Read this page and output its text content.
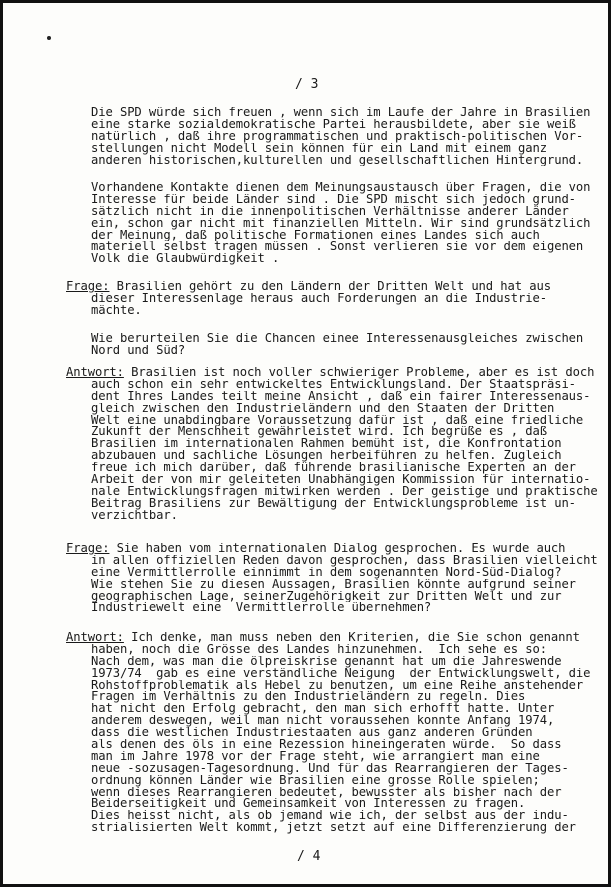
/ 3
Die SPD würde sich freuen , wenn sich im Laufe der Jahre in Brasilien
eine starke sozialdemokratische Partei herausbildete, aber sie weiß
natürlich , daß ihre programmatischen und praktisch-politischen Vor-
stellungen nicht Modell sein können für ein Land mit einem ganz
anderen historischen,kulturellen und gesellschaftlichen Hintergrund.
Vorhandene Kontakte dienen dem Meinungsaustausch über Fragen, die von
Interesse für beide Länder sind . Die SPD mischt sich jedoch grund-
sätzlich nicht in die innenpolitischen Verhältnisse anderer Länder
ein, schon gar nicht mit finanziellen Mitteln. Wir sind grundsätzlich
der Meinung, daß politische Formationen eines Landes sich auch
materiell selbst tragen müssen . Sonst verlieren sie vor dem eigenen
Volk die Glaubwürdigkeit .
Frage: Brasilien gehört zu den Ländern der Dritten Welt und hat aus
dieser Interessenlage heraus auch Forderungen an die Industrie-
mächte.
Wie berurteilen Sie die Chancen einee Interessenausgleiches zwischen
Nord und Süd?
Antwort: Brasilien ist noch voller schwieriger Probleme, aber es ist doch
auch schon ein sehr entwickeltes Entwicklungsland. Der Staatspräsi-
dent Ihres Landes teilt meine Ansicht , daß ein fairer Interessenaus-
gleich zwischen den Industrieländern und den Staaten der Dritten
Welt eine unabdingbare Voraussetzung dafür ist , daß eine friedliche
Zukunft der Menschheit gewährleistet wird. Ich begrüße es , daß
Brasilien im internationalen Rahmen bemüht ist, die Konfrontation
abzubauen und sachliche Lösungen herbeiführen zu helfen. Zugleich
freue ich mich darüber, daß führende brasilianische Experten an der
Arbeit der von mir geleiteten Unabhängigen Kommission für internatio-
nale Entwicklungsfragen mitwirken werden . Der geistige und praktische
Beitrag Brasiliens zur Bewältigung der Entwicklungsprobleme ist un-
verzichtbar.
Frage: Sie haben vom internationalen Dialog gesprochen. Es wurde auch
in allen offiziellen Reden davon gesprochen, dass Brasilien vielleicht
eine Vermittlerrolle einnimmt in dem sogenannten Nord-Süd-Dialog?
Wie stehen Sie zu diesen Aussagen, Brasilien könnte aufgrund seiner
geographischen Lage, seinerZugehörigkeit zur Dritten Welt und zur
Industriewelt eine  Vermittlerrolle übernehmen?
Antwort: Ich denke, man muss neben den Kriterien, die Sie schon genannt
haben, noch die Grösse des Landes hinzunehmen.  Ich sehe es so:
Nach dem, was man die ölpreiskrise genannt hat um die Jahreswende
1973/74  gab es eine verständliche Neigung  der Entwicklungswelt, die
Rohstoffproblematik als Hebel zu benutzen, um eine Reihe anstehender
Fragen im Verhältnis zu den Industrieländern zu regeln. Dies
hat nicht den Erfolg gebracht, den man sich erhofft hatte. Unter
anderem deswegen, weil man nicht voraussehen konnte Anfang 1974,
dass die westlichen Industriestaaten aus ganz anderen Gründen
als denen des öls in eine Rezession hineingeraten würde.  So dass
man im Jahre 1978 vor der Frage steht, wie arrangiert man eine
neue -sozusagen-Tagesordnung. Und für das Rearrangieren der Tages-
ordnung können Länder wie Brasilien eine grosse Rolle spielen;
wenn dieses Rearrangieren bedeutet, bewusster als bisher nach der
Beiderseitigkeit und Gemeinsamkeit von Interessen zu fragen.
Dies heisst nicht, als ob jemand wie ich, der selbst aus der indu-
strialisierten Welt kommt, jetzt setzt auf eine Differenzierung der
/ 4
